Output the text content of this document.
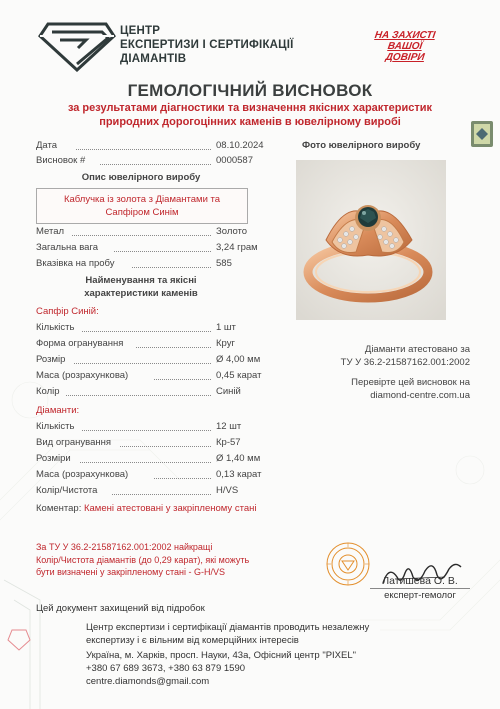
ЦЕНТР
ЕКСПЕРТИЗИ І СЕРТИФІКАЦІЇ
ДІАМАНТІВ
НА ЗАХИСТІ
ВАШОЇ
ДОВІРИ
ГЕМОЛОГІЧНИЙ ВИСНОВОК
за результатами діагностики та визначення якісних характеристик
природних дорогоцінних каменів в ювелірному виробі
Дата	08.10.2024
Висновок #	0000587
Фото ювелірного виробу
Опис ювелірного виробу
Каблучка із золота з Діамантами та
Сапфіром Синім
Метал	Золото
Загальна вага	3,24 грам
Вказівка на пробу	585
Найменування та якісні
характеристики каменів
Сапфір Синій:
Кількість	1 шт
Форма огранування	Круг
Розмір	Ø 4,00 мм
Маса (розрахункова)	0,45 карат
Колір	Синій
Діаманти:
Кількість	12 шт
Вид огранування	Кр-57
Розміри	Ø 1,40 мм
Маса (розрахункова)	0,13 карат
Колір/Чистота	H/VS
Коментар: Камені атестовані у закріпленому стані
Діаманти атестовано за
ТУ У 36.2-21587162.001:2002
Перевірте цей висновок на
diamond-centre.com.ua
За ТУ У 36.2-21587162.001:2002 найкращі
Колір/Чистота діамантів (до 0,29 карат), які можуть
бути визначені у закріпленому стані - G-H/VS
Латишева О. В.
експерт-гемолог
Цей документ захищений від підробок
Центр експертизи і сертифікації діамантів проводить незалежну
експертизу і є вільним від комерційних інтересів
Україна, м. Харків, просп. Науки, 43а, Офісний центр "PIXEL"
+380 67 689 3673, +380 63 879 1590
centre.diamonds@gmail.com
